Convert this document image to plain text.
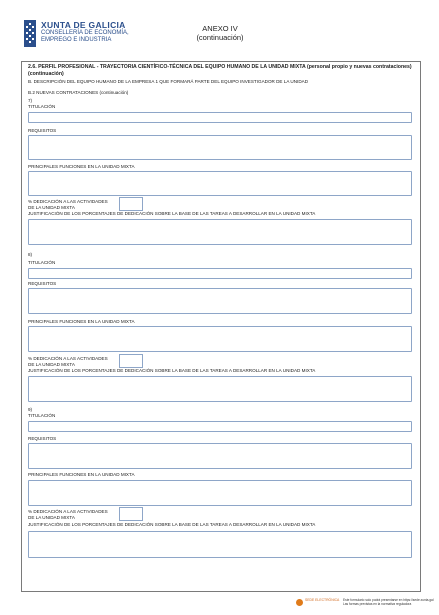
XUNTA DE GALICIA
CONSELLERÍA DE ECONOMÍA,
EMPREGO E INDUSTRIA
ANEXO IV
(continuación)
2.6. PERFIL PROFESIONAL - TRAYECTORIA CIENTÍFICO-TÉCNICA DEL EQUIPO HUMANO DE LA UNIDAD MIXTA (personal propio y nuevas contrataciones) (continuación)
B. DESCRIPCIÓN DEL EQUIPO HUMANO DE LA EMPRESA 1 QUE FORMARÁ PARTE DEL EQUIPO INVESTIGADOR DE LA UNIDAD
B.2 NUEVAS CONTRATACIONES (continuación)
7)
TITULACIÓN
REQUISITOS
PRINCIPALES FUNCIONES EN LA UNIDAD MIXTA
% DEDICACIÓN A LAS ACTIVIDADES
DE LA UNIDAD MIXTA
JUSTIFICACIÓN DE LOS PORCENTAJES DE DEDICACIÓN SOBRE LA BASE DE LAS TAREAS A DESARROLLAR EN LA UNIDAD MIXTA
8)
TITULACIÓN
REQUISITOS
PRINCIPALES FUNCIONES EN LA UNIDAD MIXTA
% DEDICACIÓN A LAS ACTIVIDADES
DE LA UNIDAD MIXTA
JUSTIFICACIÓN DE LOS PORCENTAJES DE DEDICACIÓN SOBRE LA BASE DE LAS TAREAS A DESARROLLAR EN LA UNIDAD MIXTA
9)
TITULACIÓN
REQUISITOS
PRINCIPALES FUNCIONES EN LA UNIDAD MIXTA
% DEDICACIÓN A LAS ACTIVIDADES
DE LA UNIDAD MIXTA
JUSTIFICACIÓN DE LOS PORCENTAJES DE DEDICACIÓN SOBRE LA BASE DE LAS TAREAS A DESARROLLAR EN LA UNIDAD MIXTA
SEDE ELECTRÓNICA Este formulario solo podrá presentarse en https://sede.xunta.gal Las formas previstas en la normativa reguladora
